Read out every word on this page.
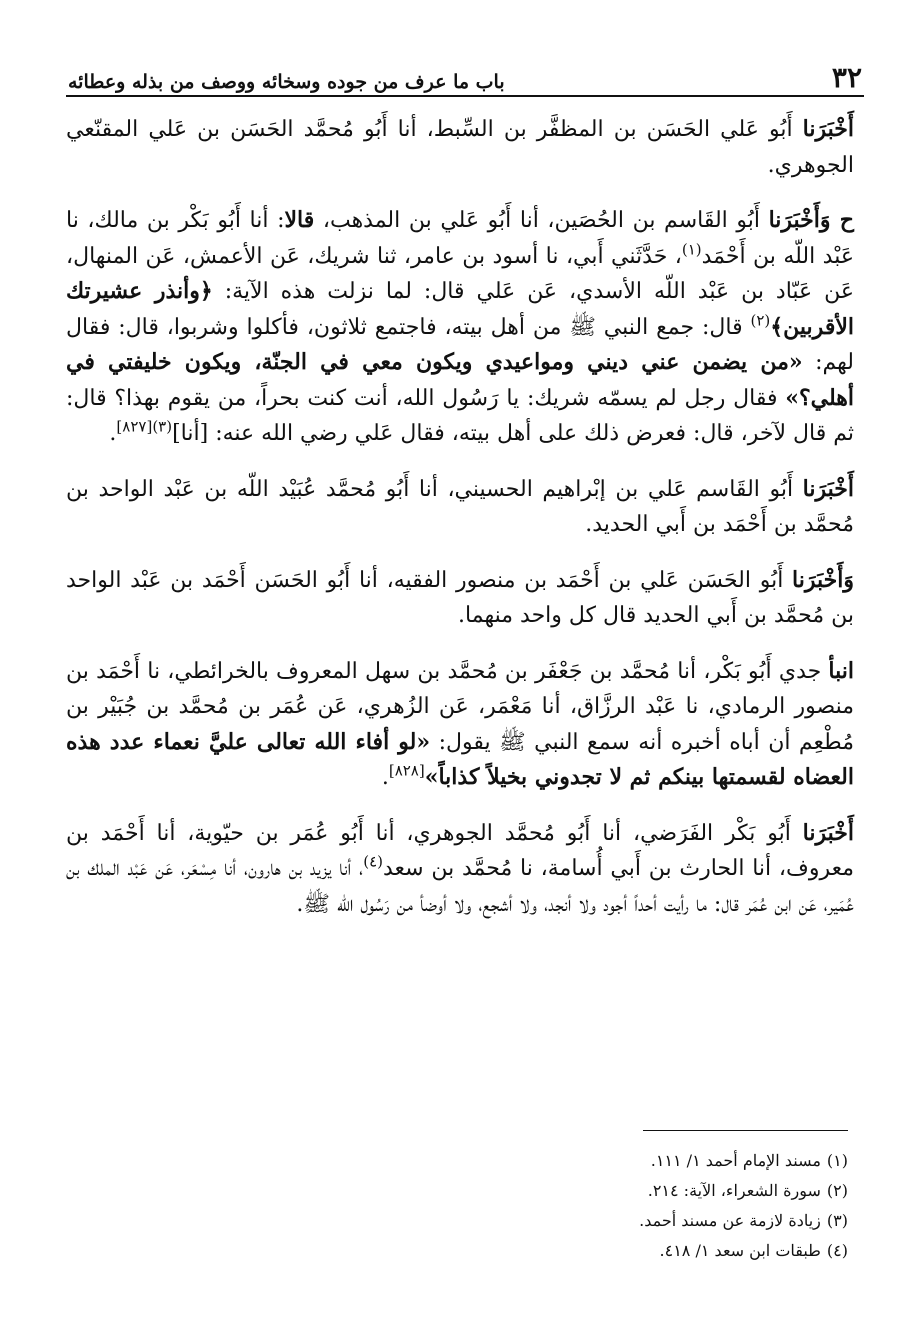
٣٢
باب ما عرف من جوده وسخائه ووصف من بذله وعطائه

أَخْبَرَنا أَبُو عَلي الحَسَن بن المظفَّر بن السِّبط، أنا أَبُو مُحمَّد الحَسَن بن عَلي المقنّعي الجوهري.

ح وَأَخْبَرَنا أَبُو القَاسم بن الحُصَين، أنا أَبُو عَلي بن المذهب، قالا: أنا أَبُو بَكْر بن مالك، نا عَبْد اللّه بن أَحْمَد$^{(١)}$، حَدَّثَني أَبي، نا أسود بن عامر، ثنا شريك، عَن الأعمش، عَن المنهال، عَن عَبّاد بن عَبْد اللّه الأسدي، عَن عَلي قال: لما نزلت هذه الآية: ﴿وأنذر عشيرتك الأقربين﴾$^{(٢)}$ قال: جمع النبي ﷺ من أهل بيته، فاجتمع ثلاثون، فأكلوا وشربوا، قال: فقال لهم: «من يضمن عني ديني ومواعيدي ويكون معي في الجنّة، ويكون خليفتي في أهلي؟» فقال رجل لم يسمّه شريك: يا رَسُول الله، أنت كنت بحراً، من يقوم بهذا؟ قال: ثم قال لآخر، قال: فعرض ذلك على أهل بيته، فقال عَلي رضي الله عنه: [أنا]$^{(٣)[٨٢٧]}$.

أَخْبَرَنا أَبُو القَاسم عَلي بن إبْراهيم الحسيني، أنا أَبُو مُحمَّد عُبَيْد اللّه بن عَبْد الواحد بن مُحمَّد بن أَحْمَد بن أَبي الحديد.

وَأَخْبَرَنا أَبُو الحَسَن عَلي بن أَحْمَد بن منصور الفقيه، أنا أَبُو الحَسَن أَحْمَد بن عَبْد الواحد بن مُحمَّد بن أَبي الحديد قال كل واحد منهما.

انبأ جدي أَبُو بَكْر، أنا مُحمَّد بن جَعْفَر بن مُحمَّد بن سهل المعروف بالخرائطي، نا أَحْمَد بن منصور الرمادي، نا عَبْد الرزَّاق، أنا مَعْمَر، عَن الزُهري، عَن عُمَر بن مُحمَّد بن جُبَيْر بن مُطْعِم أن أباه أخبره أنه سمع النبي ﷺ يقول: «لو أفاء الله تعالى عليَّ نعماء عدد هذه العضاه لقسمتها بينكم ثم لا تجدوني بخيلاً كذاباً»[٨٢٨].

أَخْبَرَنا أَبُو بَكْر الفَرَضي، أنا أَبُو مُحمَّد الجوهري، أنا أَبُو عُمَر بن حيّوية، أنا أَحْمَد بن معروف، أنا الحارث بن أَبي أُسامة، نا مُحمَّد بن سعد$^{(٤)}$، أنا يزيد بن هارون، أنا مِسْعَر، عَن عَبْد الملك بن عُمَير، عَن ابن عُمَر قال: ما رأيت أحداً أجود ولا أنجد، ولا أشجع، ولا أوضأ من رَسُول الله ﷺ.

(١)مسند الإمام أحمد ١/ ١١١.
(٢)سورة الشعراء، الآية: ٢١٤.
(٣)زيادة لازمة عن مسند أحمد.
(٤)طبقات ابن سعد ١/ ٤١٨.
